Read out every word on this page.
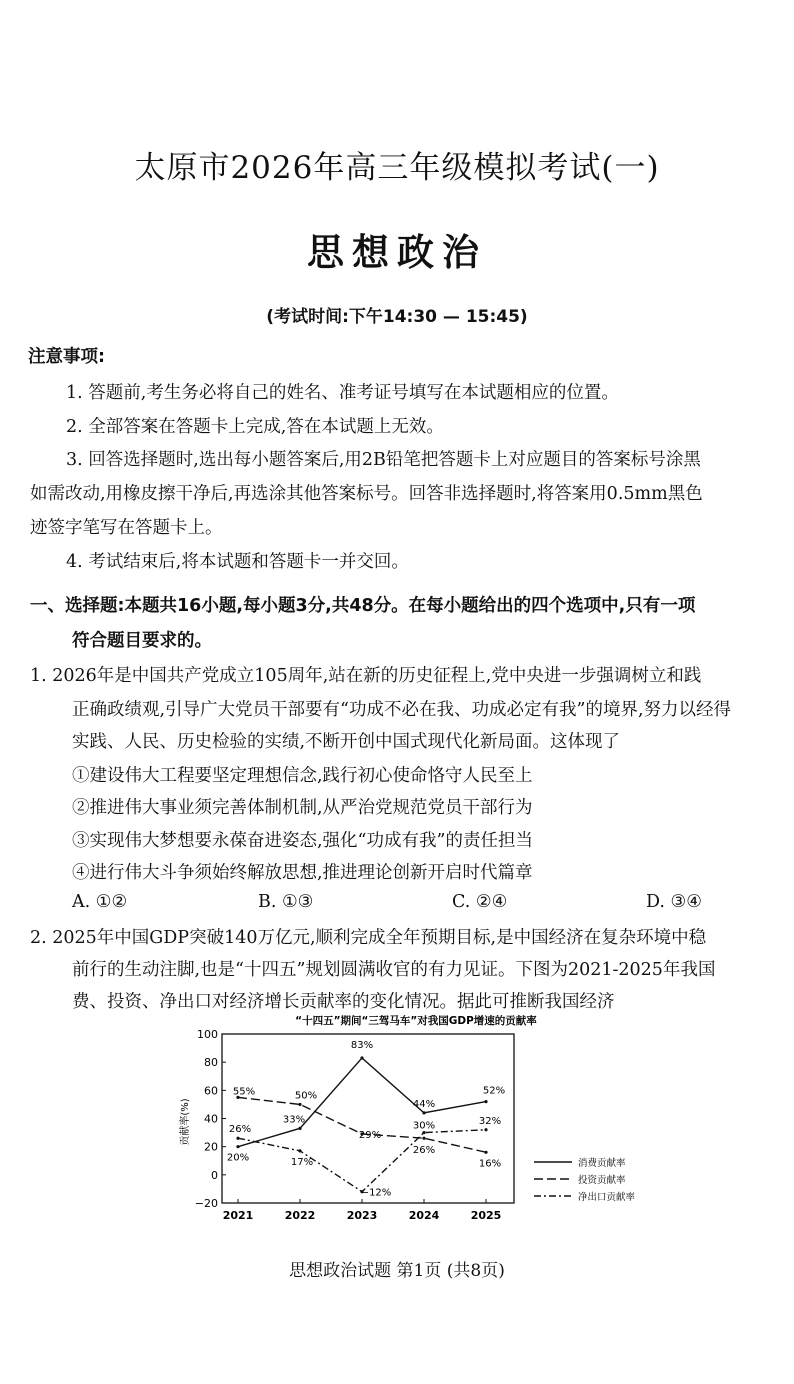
太原市2026年高三年级模拟考试(一)
思想政治
(考试时间:下午14:30 — 15:45)
注意事项:
1. 答题前,考生务必将自己的姓名、准考证号填写在本试题相应的位置。
2. 全部答案在答题卡上完成,答在本试题上无效。
3. 回答选择题时,选出每小题答案后,用2B铅笔把答题卡上对应题目的答案标号涂黑
如需改动,用橡皮擦干净后,再选涂其他答案标号。回答非选择题时,将答案用0.5mm黑色
迹签字笔写在答题卡上。
4. 考试结束后,将本试题和答题卡一并交回。
一、选择题:本题共16小题,每小题3分,共48分。在每小题给出的四个选项中,只有一项
符合题目要求的。
1. 2026年是中国共产党成立105周年,站在新的历史征程上,党中央进一步强调树立和践
正确政绩观,引导广大党员干部要有“功成不必在我、功成必定有我”的境界,努力以经得
实践、人民、历史检验的实绩,不断开创中国式现代化新局面。这体现了
①建设伟大工程要坚定理想信念,践行初心使命恪守人民至上
②推进伟大事业须完善体制机制,从严治党规范党员干部行为
③实现伟大梦想要永葆奋进姿态,强化“功成有我”的责任担当
④进行伟大斗争须始终解放思想,推进理论创新开启时代篇章
A. ①②	B. ①③	C. ②④	D. ③④
2. 2025年中国GDP突破140万亿元,顺利完成全年预期目标,是中国经济在复杂环境中稳
前行的生动注脚,也是“十四五”规划圆满收官的有力见证。下图为2021-2025年我国
费、投资、净出口对经济增长贡献率的变化情况。据此可推断我国经济
“十四五”期间“三驾马车”对我国GDP增速的贡献率
贡献率(%)
100
80
60
40
20
0
−20
2021	2022	2023	2024	2025
20%
33%
83%
44%
52%
55%	50%
29%
26%
16%
26%
17%
−12%
30%	32%
消费贡献率
投资贡献率
净出口贡献率
思想政治试题 第1页 (共8页)
